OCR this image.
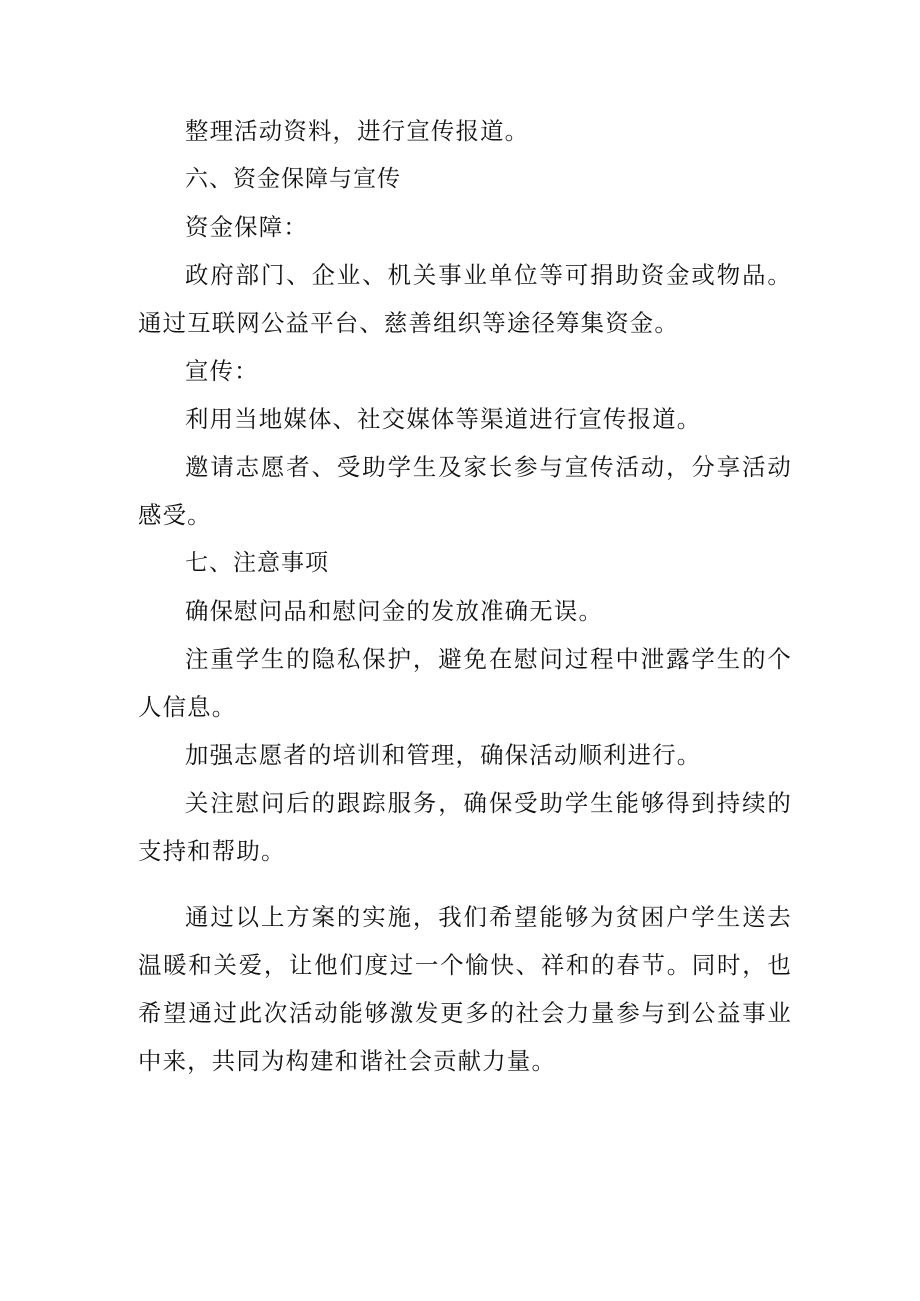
整理活动资料，进行宣传报道。

六、资金保障与宣传

资金保障：

政府部门、企业、机关事业单位等可捐助资金或物品。通过互联网公益平台、慈善组织等途径筹集资金。

宣传：

利用当地媒体、社交媒体等渠道进行宣传报道。

邀请志愿者、受助学生及家长参与宣传活动，分享活动感受。

七、注意事项

确保慰问品和慰问金的发放准确无误。

注重学生的隐私保护，避免在慰问过程中泄露学生的个人信息。

加强志愿者的培训和管理，确保活动顺利进行。

关注慰问后的跟踪服务，确保受助学生能够得到持续的支持和帮助。

通过以上方案的实施，我们希望能够为贫困户学生送去温暖和关爱，让他们度过一个愉快、祥和的春节。同时，也希望通过此次活动能够激发更多的社会力量参与到公益事业中来，共同为构建和谐社会贡献力量。
